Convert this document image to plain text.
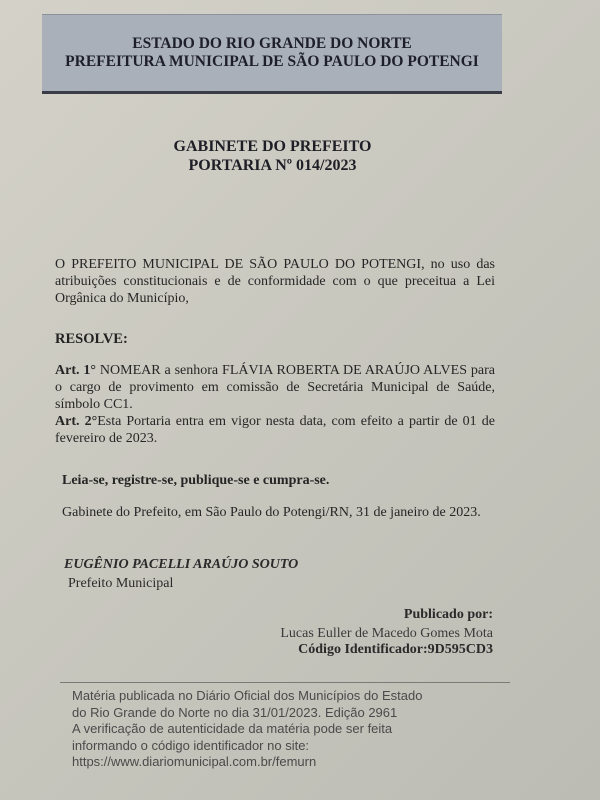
ESTADO DO RIO GRANDE DO NORTE
PREFEITURA MUNICIPAL DE SÃO PAULO DO POTENGI
GABINETE DO PREFEITO
PORTARIA Nº 014/2023
O PREFEITO MUNICIPAL DE SÃO PAULO DO POTENGI, no uso das atribuições constitucionais e de conformidade com o que preceitua a Lei Orgânica do Município,
RESOLVE:
Art. 1° NOMEAR a senhora FLÁVIA ROBERTA DE ARAÚJO ALVES para o cargo de provimento em comissão de Secretária Municipal de Saúde, símbolo CC1.
Art. 2°Esta Portaria entra em vigor nesta data, com efeito a partir de 01 de fevereiro de 2023.
Leia-se, registre-se, publique-se e cumpra-se.
Gabinete do Prefeito, em São Paulo do Potengi/RN, 31 de janeiro de 2023.
EUGÊNIO PACELLI ARAÚJO SOUTO
Prefeito Municipal
Publicado por:
Lucas Euller de Macedo Gomes Mota
Código Identificador:9D595CD3
Matéria publicada no Diário Oficial dos Municípios do Estado
do Rio Grande do Norte no dia 31/01/2023. Edição 2961
A verificação de autenticidade da matéria pode ser feita
informando o código identificador no site:
https://www.diariomunicipal.com.br/femurn
